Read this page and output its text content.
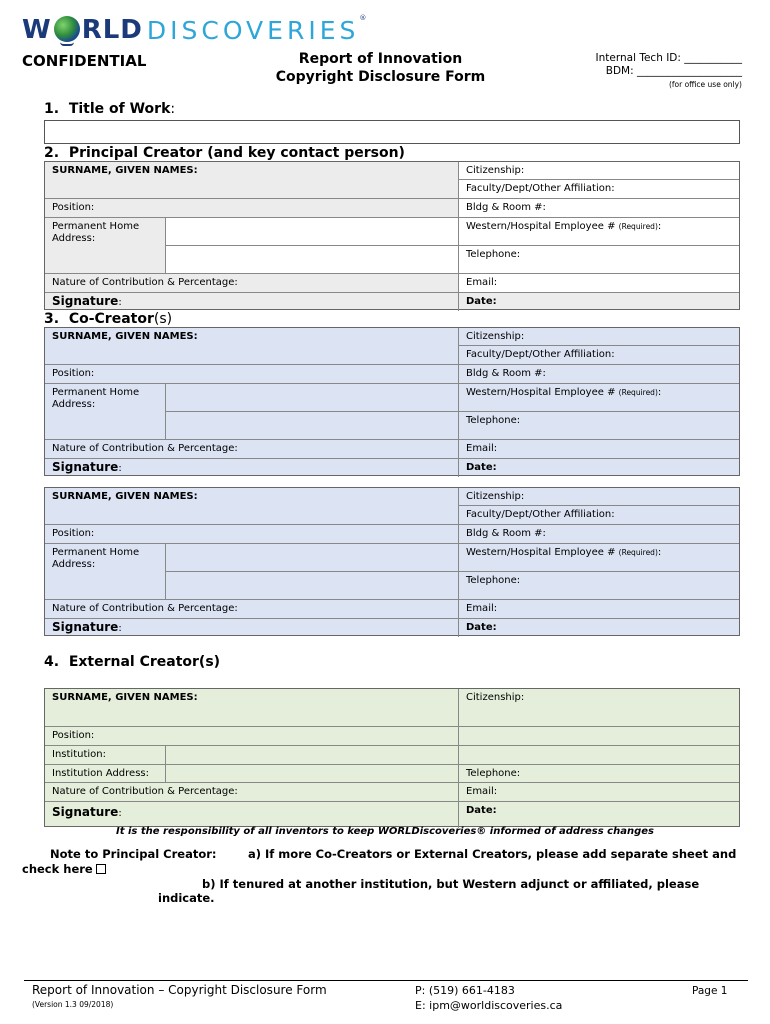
W RLD DISCOVERIES ®
CONFIDENTIAL	Report of Innovation
Copyright Disclosure Form
Internal Tech ID: ___________
BDM: ____________________
(for office use only)
1. Title of Work:
2. Principal Creator (and key contact person)
SURNAME, GIVEN NAMES:	Citizenship:
Faculty/Dept/Other Affiliation:
Position:	Bldg & Room #:
Permanent Home Address:
Western/Hospital Employee # (Required):
Telephone:
Nature of Contribution & Percentage:	Email:
Signature:	Date:
3. Co-Creator(s)
SURNAME, GIVEN NAMES:	Citizenship:
Faculty/Dept/Other Affiliation:
Position:	Bldg & Room #:
Permanent Home Address:
Western/Hospital Employee # (Required):
Telephone:
Nature of Contribution & Percentage:	Email:
Signature:	Date:
SURNAME, GIVEN NAMES:	Citizenship:
Faculty/Dept/Other Affiliation:
Position:	Bldg & Room #:
Permanent Home Address:
Western/Hospital Employee # (Required):
Telephone:
Nature of Contribution & Percentage:	Email:
Signature:	Date:
4. External Creator(s)
SURNAME, GIVEN NAMES:	Citizenship:
Position:
Institution:
Institution Address:	Telephone:
Nature of Contribution & Percentage:	Email:
Signature:	Date:
It is the responsibility of all inventors to keep WORLDiscoveries® informed of address changes
Note to Principal Creator:	a) If more Co-Creators or External Creators, please add separate sheet and
check here
b) If tenured at another institution, but Western adjunct or affiliated, please
indicate.
Report of Innovation – Copyright Disclosure Form
(Version 1.3 09/2018)
P: (519) 661-4183
E: ipm@worldiscoveries.ca
Page 1
